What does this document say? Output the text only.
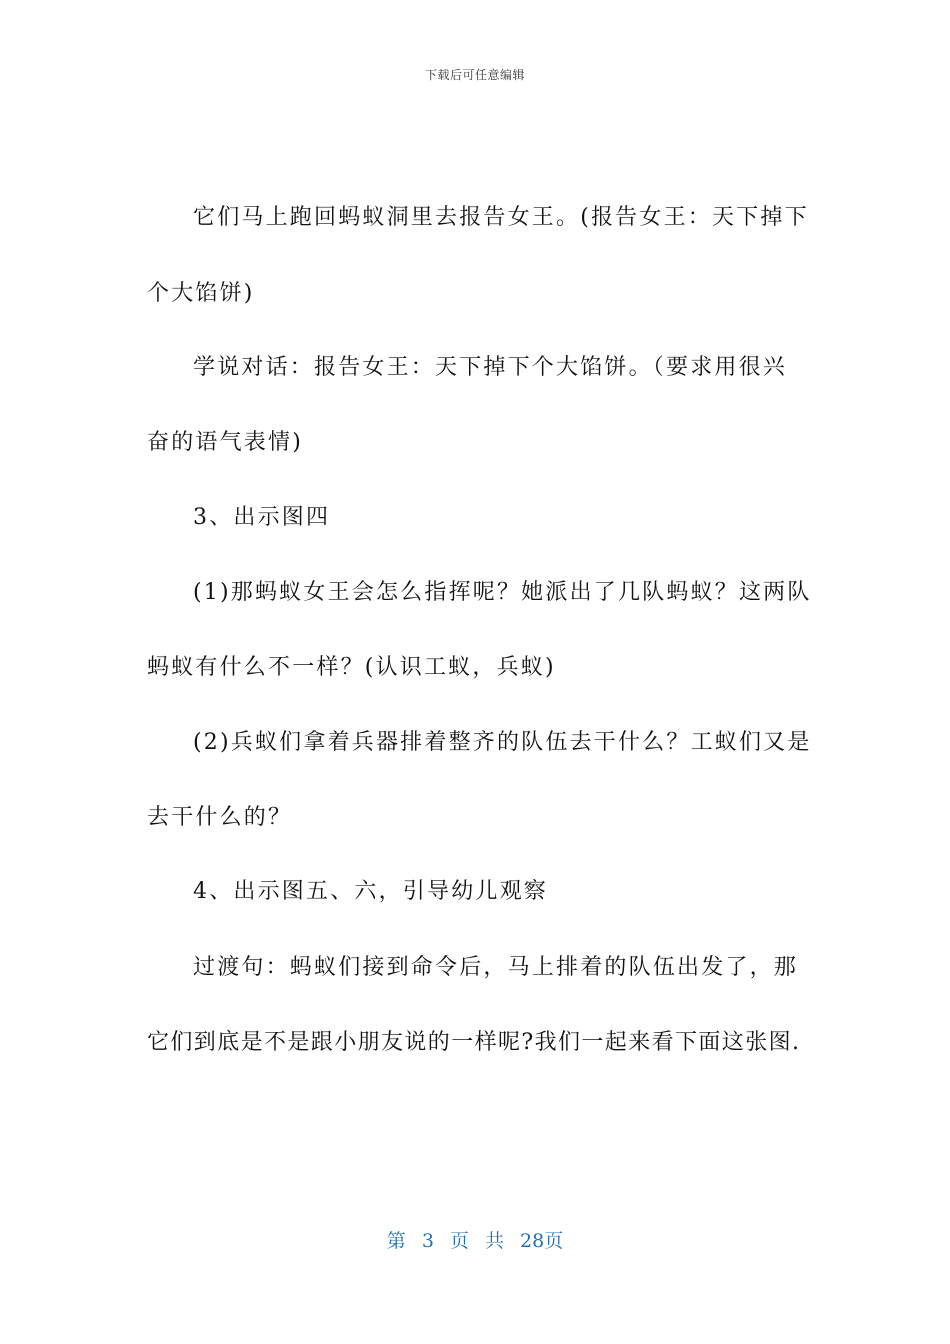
下载后可任意编辑
它们马上跑回蚂蚁洞里去报告女王。(报告女王：天下掉下
个大馅饼)
学说对话：报告女王：天下掉下个大馅饼。（要求用很兴
奋的语气表情)
3、出示图四
(1)那蚂蚁女王会怎么指挥呢？她派出了几队蚂蚁？这两队
蚂蚁有什么不一样？(认识工蚁，兵蚁)
(2)兵蚁们拿着兵器排着整齐的队伍去干什么？工蚁们又是
去干什么的？
4、出示图五、六，引导幼儿观察
过渡句：蚂蚁们接到命令后，马上排着的队伍出发了，那
它们到底是不是跟小朋友说的一样呢?我们一起来看下面这张图.
第 3 页 共 28页
